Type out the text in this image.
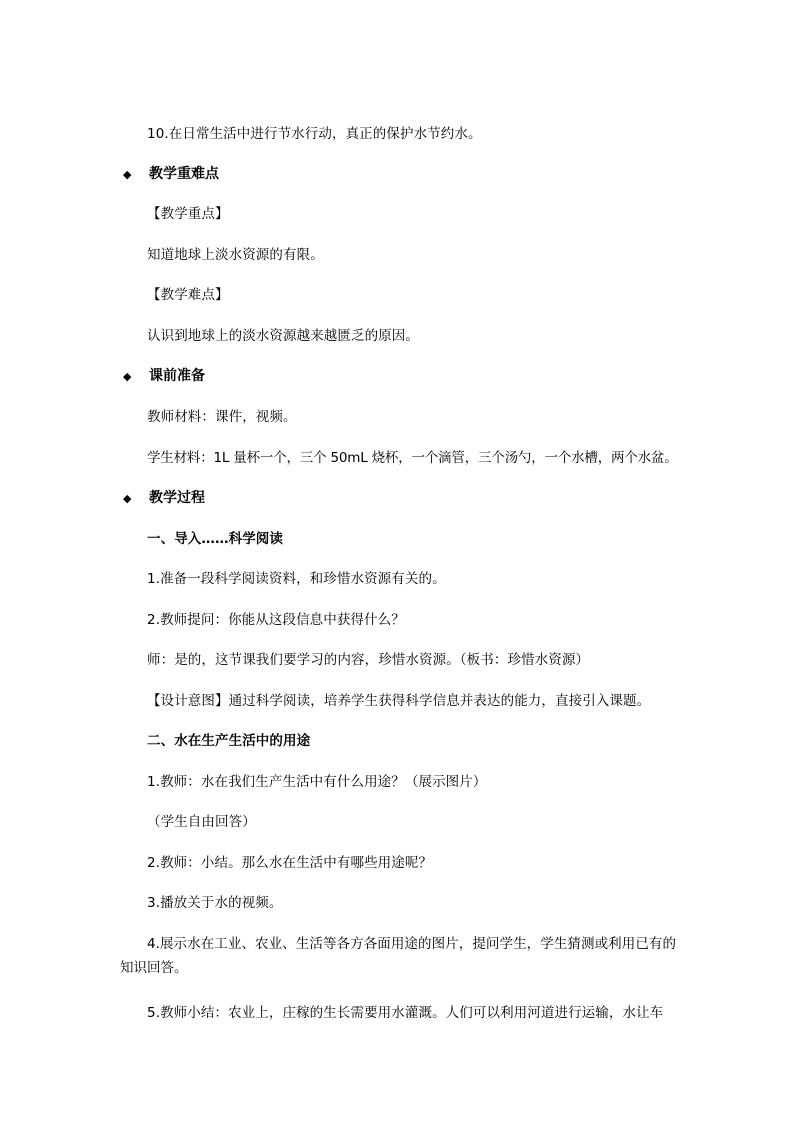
10.在日常生活中进行节水行动，真正的保护水节约水。
◆ 教学重难点
【教学重点】
知道地球上淡水资源的有限。
【教学难点】
认识到地球上的淡水资源越来越匮乏的原因。
◆ 课前准备
教师材料：课件，视频。
学生材料：1L 量杯一个，三个 50mL 烧杯，一个滴管，三个汤勺，一个水槽，两个水盆。
◆ 教学过程
一、导入……科学阅读
1.准备一段科学阅读资料，和珍惜水资源有关的。
2.教师提问：你能从这段信息中获得什么？
师：是的，这节课我们要学习的内容，珍惜水资源。（板书：珍惜水资源）
【设计意图】通过科学阅读，培养学生获得科学信息并表达的能力，直接引入课题。
二、水在生产生活中的用途
1.教师：水在我们生产生活中有什么用途？（展示图片）
（学生自由回答）
2.教师：小结。那么水在生活中有哪些用途呢？
3.播放关于水的视频。
4.展示水在工业、农业、生活等各方各面用途的图片，提问学生，学生猜测或利用已有的知识回答。
5.教师小结：农业上，庄稼的生长需要用水灌溉。人们可以利用河道进行运输，水让车
